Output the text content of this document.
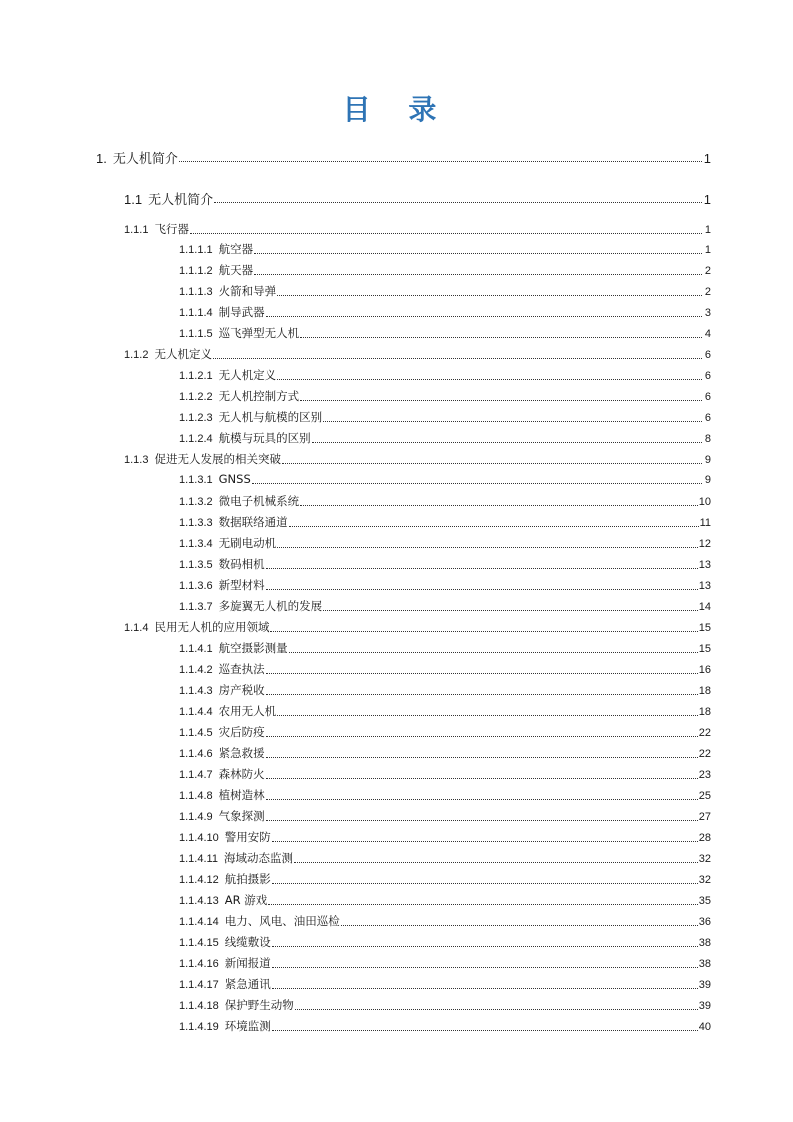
目 录
1. 无人机简介	1
1.1 无人机简介	1
1.1.1 飞行器	1
1.1.1.1 航空器	1
1.1.1.2 航天器	2
1.1.1.3 火箭和导弹	2
1.1.1.4 制导武器	3
1.1.1.5 巡飞弹型无人机	4
1.1.2 无人机定义	6
1.1.2.1 无人机定义	6
1.1.2.2 无人机控制方式	6
1.1.2.3 无人机与航模的区别	6
1.1.2.4 航模与玩具的区别	8
1.1.3 促进无人发展的相关突破	9
1.1.3.1 GNSS	9
1.1.3.2 微电子机械系统	10
1.1.3.3 数据联络通道	11
1.1.3.4 无刷电动机	12
1.1.3.5 数码相机	13
1.1.3.6 新型材料	13
1.1.3.7 多旋翼无人机的发展	14
1.1.4 民用无人机的应用领域	15
1.1.4.1 航空摄影测量	15
1.1.4.2 巡查执法	16
1.1.4.3 房产税收	18
1.1.4.4 农用无人机	18
1.1.4.5 灾后防疫	22
1.1.4.6 紧急救援	22
1.1.4.7 森林防火	23
1.1.4.8 植树造林	25
1.1.4.9 气象探测	27
1.1.4.10 警用安防	28
1.1.4.11 海域动态监测	32
1.1.4.12 航拍摄影	32
1.1.4.13 AR 游戏	35
1.1.4.14 电力、风电、油田巡检	36
1.1.4.15 线缆敷设	38
1.1.4.16 新闻报道	38
1.1.4.17 紧急通讯	39
1.1.4.18 保护野生动物	39
1.1.4.19 环境监测	40
